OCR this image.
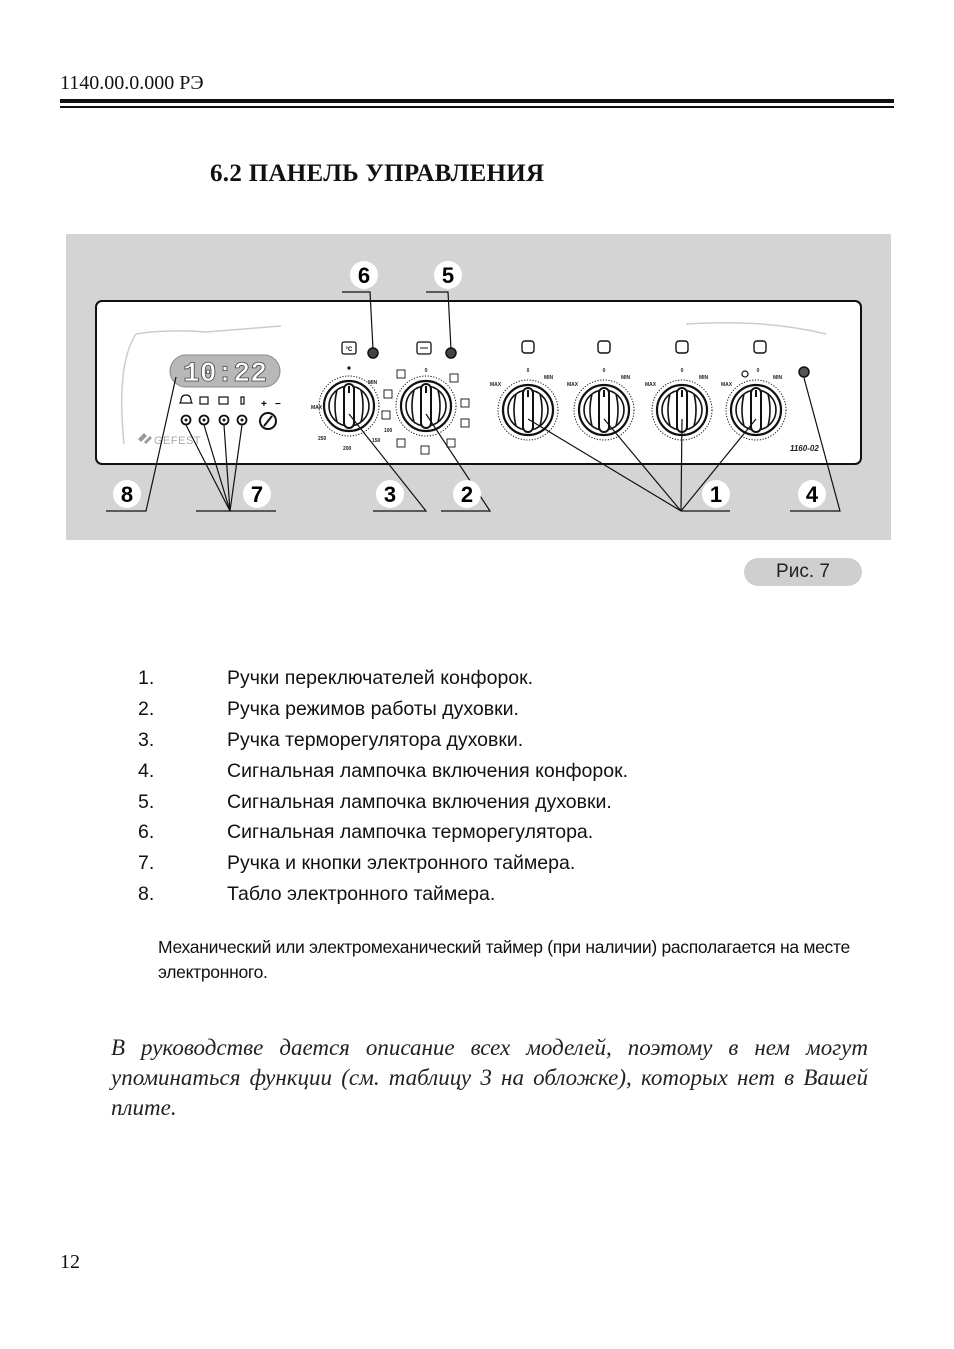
1140.00.0.000 РЭ
6.2 ПАНЕЛЬ УПРАВЛЕНИЯ
10:22
+ −
GEFEST
°C
MAX
MIN
100
150
200
250
0	0
MAX
MIN
0
MAX
MIN
0
MAX
MIN
0
MAX
MIN
1160-02
6	5
8	7	3	2	1	4
Рис. 7
1.	Ручки переключателей конфорок.
2.	Ручка режимов работы духовки.
3.	Ручка терморегулятора духовки.
4.	Сигнальная лампочка включения конфорок.
5.	Сигнальная лампочка включения духовки.
6.	Сигнальная лампочка терморегулятора.
7.	Ручка и кнопки электронного таймера.
8.	Табло электронного таймера.
Механический или электромеханический таймер (при наличии) располагается на месте электронного.
В руководстве дается описание всех моделей, поэтому в нем могут упоминаться функции (см. таблицу 3 на обложке), которых нет в Вашей плите.
12
